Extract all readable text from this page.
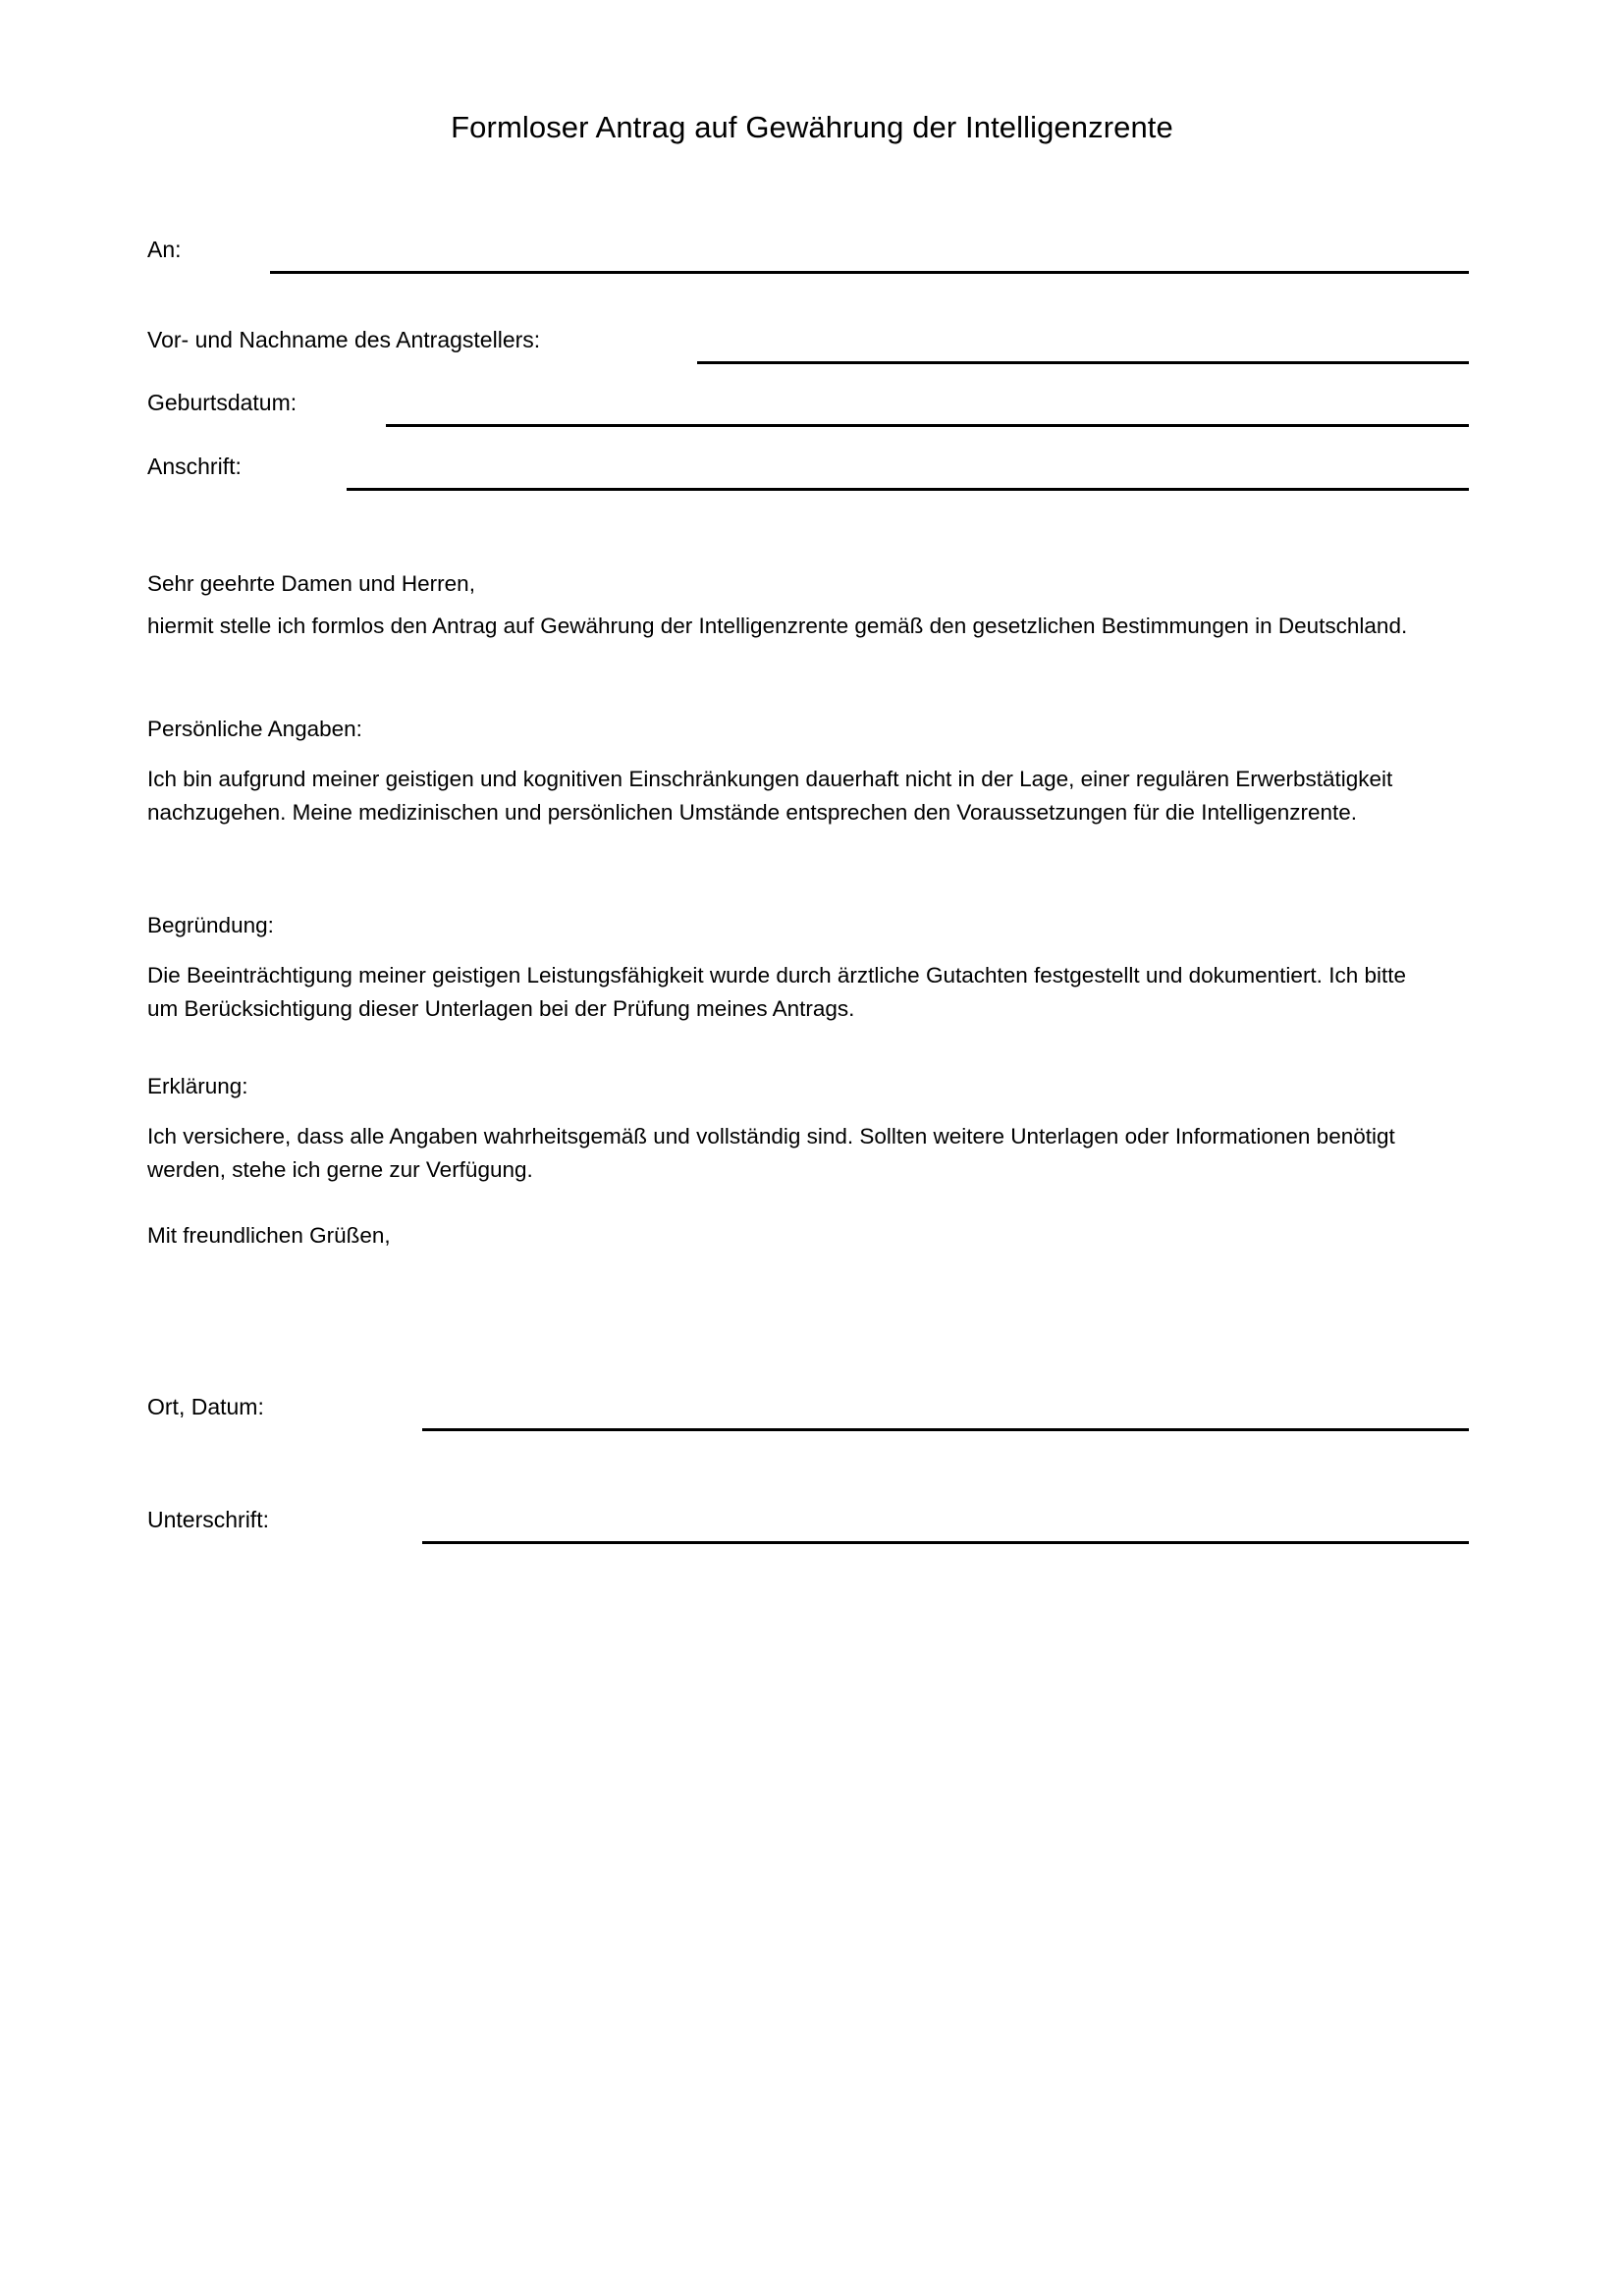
Formloser Antrag auf Gewährung der Intelligenzrente
An:
Vor- und Nachname des Antragstellers:
Geburtsdatum:
Anschrift:

Sehr geehrte Damen und Herren,

hiermit stelle ich formlos den Antrag auf Gewährung der Intelligenzrente gemäß den gesetzlichen Bestimmungen in Deutschland.

Persönliche Angaben:

Ich bin aufgrund meiner geistigen und kognitiven Einschränkungen dauerhaft nicht in der Lage, einer regulären Erwerbstätigkeit nachzugehen. Meine medizinischen und persönlichen Umstände entsprechen den Voraussetzungen für die Intelligenzrente.

Begründung:

Die Beeinträchtigung meiner geistigen Leistungsfähigkeit wurde durch ärztliche Gutachten festgestellt und dokumentiert. Ich bitte um Berücksichtigung dieser Unterlagen bei der Prüfung meines Antrags.

Erklärung:

Ich versichere, dass alle Angaben wahrheitsgemäß und vollständig sind. Sollten weitere Unterlagen oder Informationen benötigt werden, stehe ich gerne zur Verfügung.

Mit freundlichen Grüßen,

Ort, Datum:
Unterschrift:
